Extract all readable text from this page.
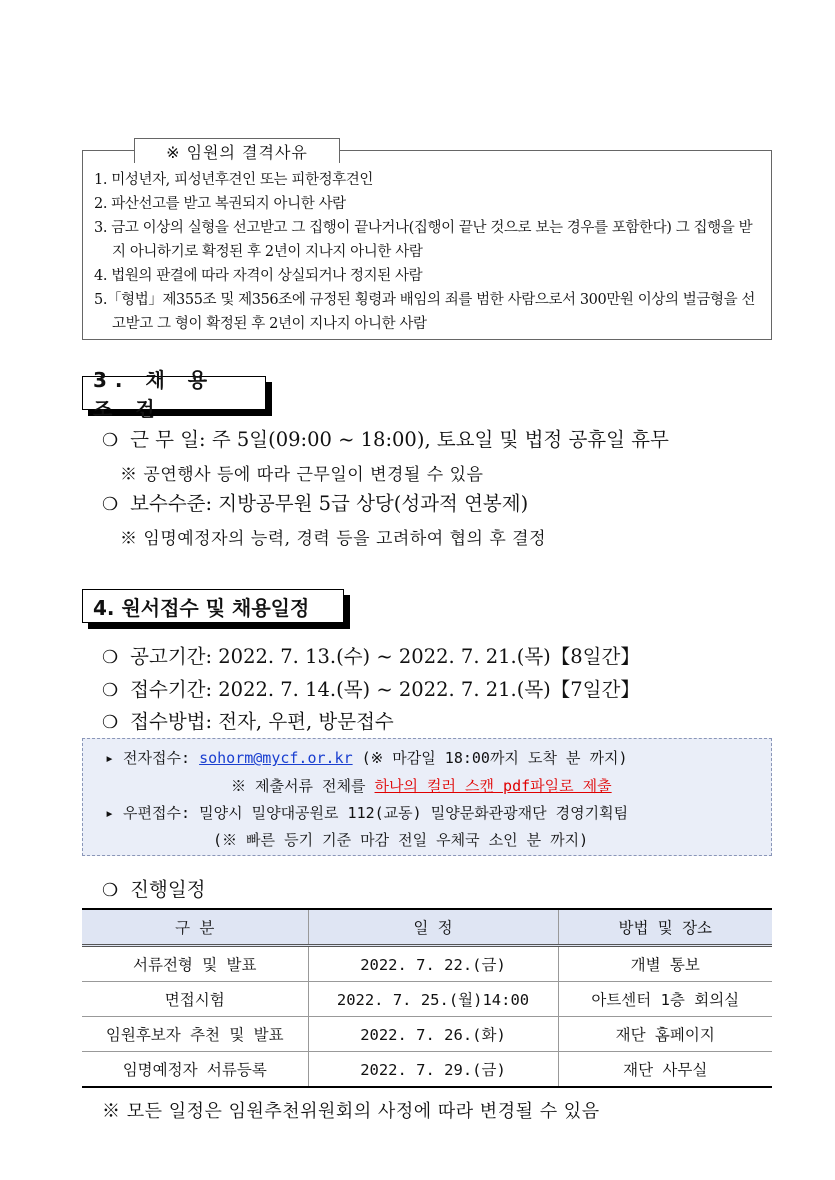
※ 임원의 결격사유
1. 미성년자, 피성년후견인 또는 피한정후견인
2. 파산선고를 받고 복권되지 아니한 사람
3. 금고 이상의 실형을 선고받고 그 집행이 끝나거나(집행이 끝난 것으로 보는 경우를 포함한다) 그 집행을 받지 아니하기로 확정된 후 2년이 지나지 아니한 사람
4. 법원의 판결에 따라 자격이 상실되거나 정지된 사람
5.「형법」제355조 및 제356조에 규정된 횡령과 배임의 죄를 범한 사람으로서 300만원 이상의 벌금형을 선고받고 그 형이 확정된 후 2년이 지나지 아니한 사람
3. 채 용 조 건
❍ 근 무 일: 주 5일(09:00 ~ 18:00), 토요일 및 법정 공휴일 휴무
※ 공연행사 등에 따라 근무일이 변경될 수 있음
❍ 보수수준: 지방공무원 5급 상당(성과적 연봉제)
※ 임명예정자의 능력, 경력 등을 고려하여 협의 후 결정
4. 원서접수 및 채용일정
❍ 공고기간: 2022. 7. 13.(수) ~ 2022. 7. 21.(목)【8일간】
❍ 접수기간: 2022. 7. 14.(목) ~ 2022. 7. 21.(목)【7일간】
❍ 접수방법: 전자, 우편, 방문접수
▸ 전자접수: sohorm@mycf.or.kr (※ 마감일 18:00까지 도착 분 까지)
※ 제출서류 전체를 하나의 컬러 스캔 pdf파일로 제출
▸ 우편접수: 밀양시 밀양대공원로 112(교동) 밀양문화관광재단 경영기획팀
(※ 빠른 등기 기준 마감 전일 우체국 소인 분 까지)
❍ 진행일정
구 분	일 정	방법 및 장소
서류전형 및 발표	2022. 7. 22.(금)	개별 통보
면접시험	2022. 7. 25.(월)14:00	아트센터 1층 회의실
임원후보자 추천 및 발표	2022. 7. 26.(화)	재단 홈페이지
임명예정자 서류등록	2022. 7. 29.(금)	재단 사무실
※ 모든 일정은 임원추천위원회의 사정에 따라 변경될 수 있음
